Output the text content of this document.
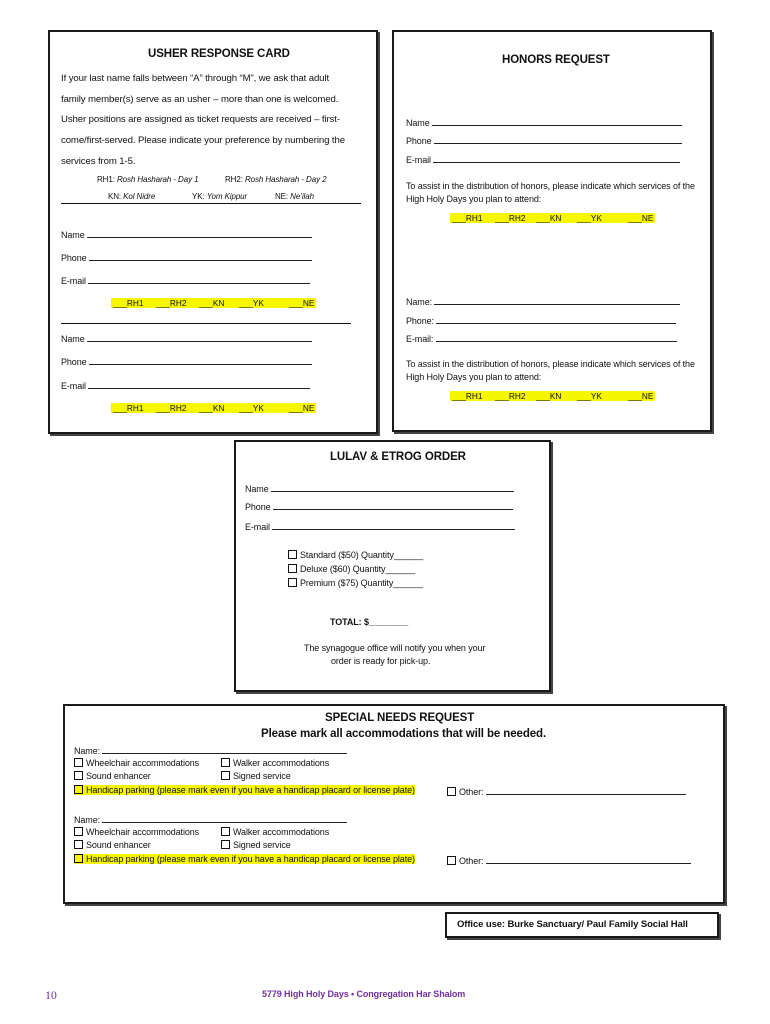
USHER RESPONSE CARD
If your last name falls between “A” through “M”, we ask that adult
family member(s) serve as an usher – more than one is welcomed.
Usher positions are assigned as ticket requests are received – first-
come/first-served. Please indicate your preference by numbering the
services from 1-5.
RH1: Rosh Hasharah - Day 1	RH2: Rosh Hasharah - Day 2
KN: Kol Nidre	YK: Yom Kippur	NE: Ne’ilah
Name
Phone
E-mail
___RH1 ___RH2 ___KN ___YK	___NE
Name
Phone
E-mail
___RH1 ___RH2 ___KN ___YK	___NE
HONORS REQUEST
Name
Phone
E-mail
To assist in the distribution of honors, please indicate which services of the
High Holy Days you plan to attend:
___RH1 ___RH2 ___KN ___YK	___NE
Name:
Phone:
E-mail:
To assist in the distribution of honors, please indicate which services of the
High Holy Days you plan to attend:
___RH1 ___RH2 ___KN ___YK	___NE
LULAV & ETROG ORDER
Name
Phone
E-mail
Standard ($50) Quantity______
Deluxe ($60) Quantity______
Premium ($75) Quantity______
TOTAL: $________
The synagogue office will notify you when your
order is ready for pick-up.
SPECIAL NEEDS REQUEST
Please mark all accommodations that will be needed.
Name:
Wheelchair accommodations	Walker accommodations
Sound enhancer	Signed service
Handicap parking (please mark even if you have a handicap placard or license plate)	Other:
Name:
Wheelchair accommodations	Walker accommodations
Sound enhancer	Signed service
Handicap parking (please mark even if you have a handicap placard or license plate)	Other:
Office use: Burke Sanctuary/ Paul Family Social Hall
10	5779 High Holy Days • Congregation Har Shalom
